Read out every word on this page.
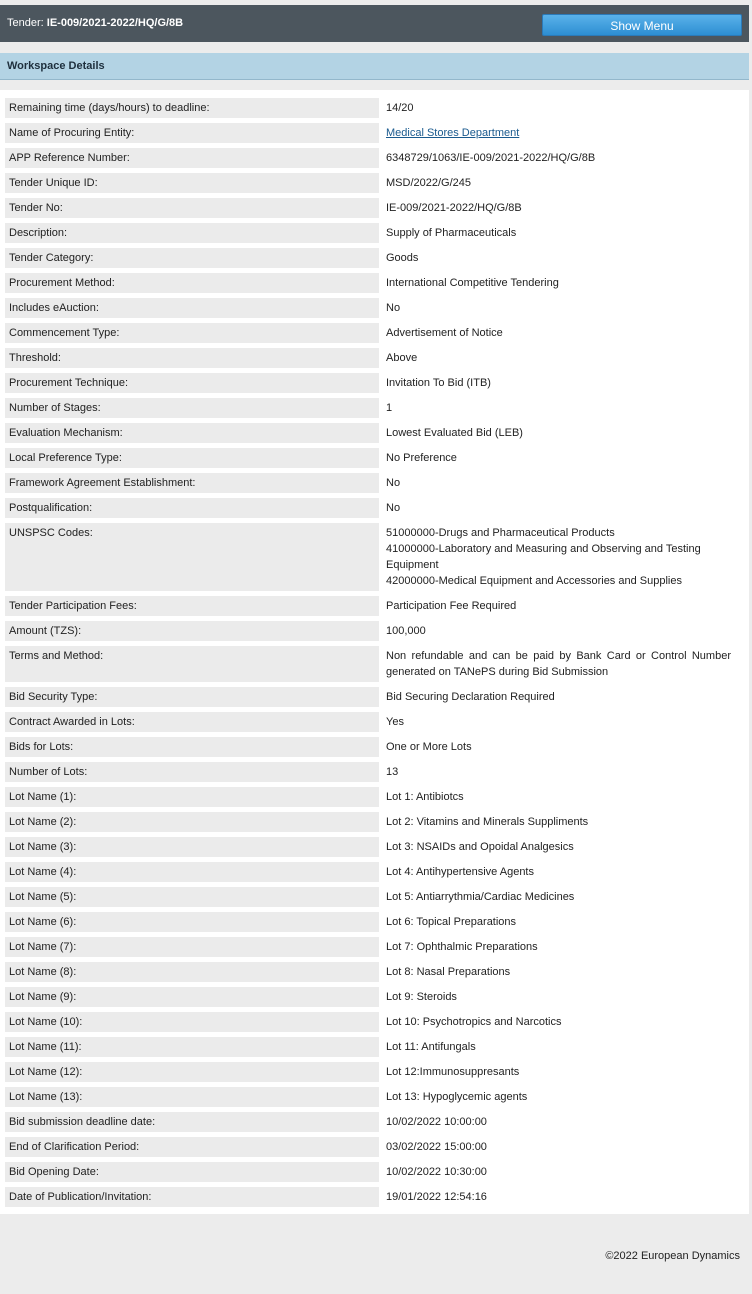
Tender: IE-009/2021-2022/HQ/G/8B	Show Menu
Workspace Details
Remaining time (days/hours) to deadline:		14/20
Name of Procuring Entity:		Medical Stores Department
APP Reference Number:		6348729/1063/IE-009/2021-2022/HQ/G/8B
Tender Unique ID:		MSD/2022/G/245
Tender No:		IE-009/2021-2022/HQ/G/8B
Description:		Supply of Pharmaceuticals
Tender Category:		Goods
Procurement Method:		International Competitive Tendering
Includes eAuction:		No
Commencement Type:		Advertisement of Notice
Threshold:		Above
Procurement Technique:		Invitation To Bid (ITB)
Number of Stages:		1
Evaluation Mechanism:		Lowest Evaluated Bid (LEB)
Local Preference Type:		No Preference
Framework Agreement Establishment:		No
Postqualification:		No
UNSPSC Codes:		51000000-Drugs and Pharmaceutical Products
41000000-Laboratory and Measuring and Observing and Testing Equipment
42000000-Medical Equipment and Accessories and Supplies

Tender Participation Fees:		Participation Fee Required
Amount (TZS):		100,000
Terms and Method:		Non refundable and can be paid by Bank Card or Control Number generated on TANePS during Bid Submission
Bid Security Type:		Bid Securing Declaration Required
Contract Awarded in Lots:		Yes
Bids for Lots:		One or More Lots
Number of Lots:		13
Lot Name (1):		Lot 1: Antibiotcs
Lot Name (2):		Lot 2: Vitamins and Minerals Suppliments
Lot Name (3):		Lot 3: NSAIDs and Opoidal Analgesics
Lot Name (4):		Lot 4: Antihypertensive Agents
Lot Name (5):		Lot 5: Antiarrythmia/Cardiac Medicines
Lot Name (6):		Lot 6: Topical Preparations
Lot Name (7):		Lot 7: Ophthalmic Preparations
Lot Name (8):		Lot 8: Nasal Preparations
Lot Name (9):		Lot 9: Steroids
Lot Name (10):		Lot 10: Psychotropics and Narcotics
Lot Name (11):		Lot 11: Antifungals
Lot Name (12):		Lot 12:Immunosuppresants
Lot Name (13):		Lot 13: Hypoglycemic agents
Bid submission deadline date:		10/02/2022 10:00:00
End of Clarification Period:		03/02/2022 15:00:00
Bid Opening Date:		10/02/2022 10:30:00
Date of Publication/Invitation:		19/01/2022 12:54:16
©2022 European Dynamics
